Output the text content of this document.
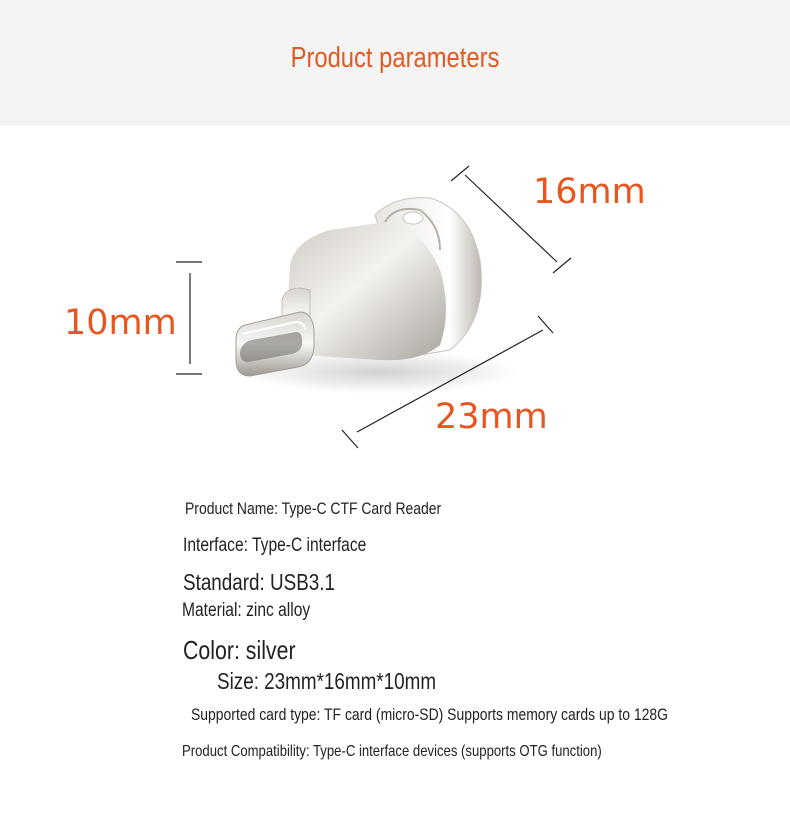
Product parameters
10mm
16mm
23mm
Product Name: Type-C CTF Card Reader
Interface: Type-C interface
Standard: USB3.1
Material: zinc alloy
Color: silver
Size: 23mm*16mm*10mm
Supported card type: TF card (micro-SD) Supports memory cards up to 128G
Product Compatibility: Type-C interface devices (supports OTG function)
